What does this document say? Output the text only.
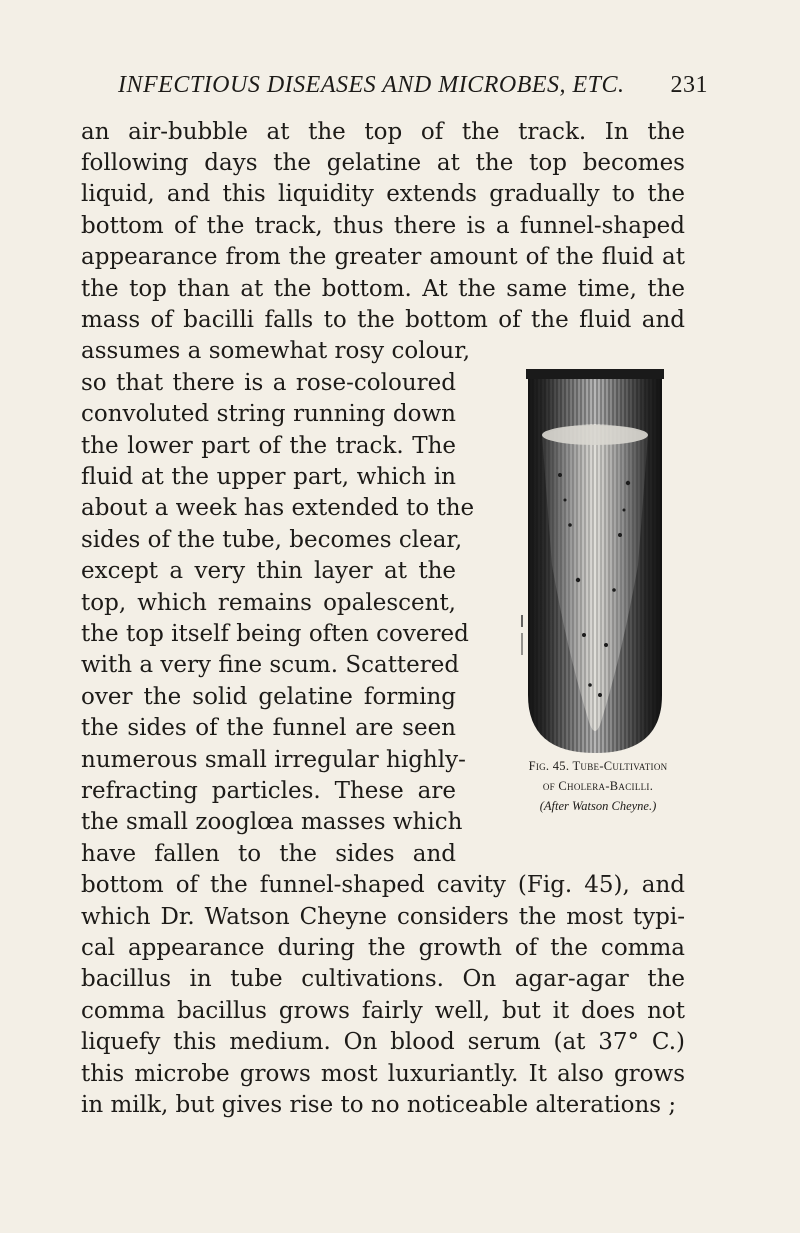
INFECTIOUS DISEASES AND MICROBES, ETC. 231
an air-bubble at the top of the track. In the
following days the gelatine at the top becomes
liquid, and this liquidity extends gradually to the
bottom of the track, thus there is a funnel-shaped
appearance from the greater amount of the fluid at
the top than at the bottom. At the same time, the
mass of bacilli falls to the bottom of the fluid and
assumes a somewhat rosy colour,
so that there is a rose-coloured
convoluted string running down
the lower part of the track. The
fluid at the upper part, which in
about a week has extended to the
sides of the tube, becomes clear,
except a very thin layer at the
top, which remains opalescent,
the top itself being often covered
with a very fine scum. Scattered
over the solid gelatine forming
the sides of the funnel are seen
numerous small irregular highly-
refracting particles. These are
the small zooglœa masses which
have fallen to the sides and
bottom of the funnel-shaped cavity (Fig. 45), and
which Dr. Watson Cheyne considers the most typi-
cal appearance during the growth of the comma
bacillus in tube cultivations. On agar-agar the
comma bacillus grows fairly well, but it does not
liquefy this medium. On blood serum (at 37° C.)
this microbe grows most luxuriantly. It also grows
in milk, but gives rise to no noticeable alterations ;
Fig. 45. Tube-Cultivation
of Cholera-Bacilli.
(After Watson Cheyne.)
